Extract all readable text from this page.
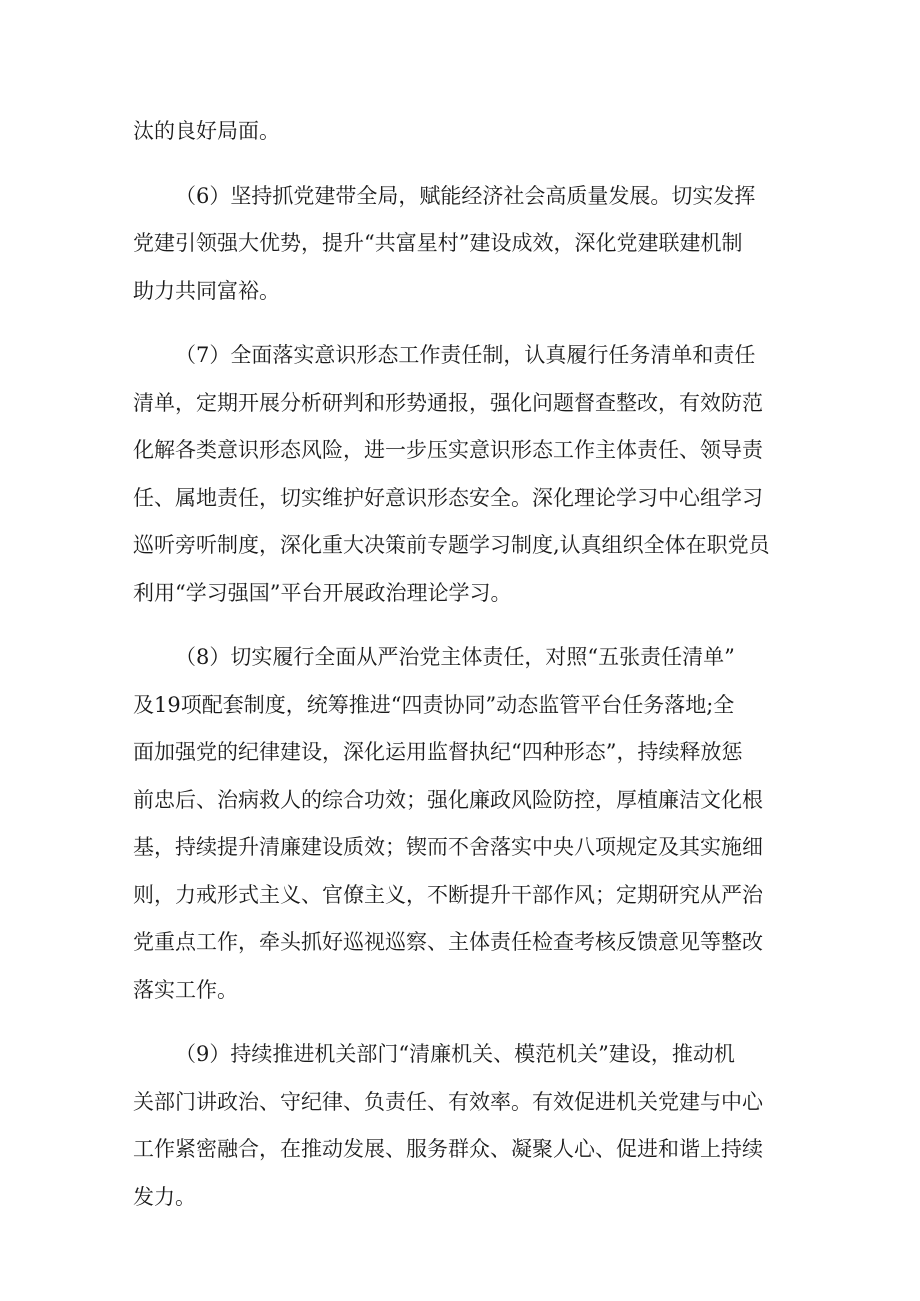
汰的良好局面。

（6）坚持抓党建带全局，赋能经济社会高质量发展。切实发挥
党建引领强大优势，提升“共富星村”建设成效，深化党建联建机制
助力共同富裕。

（7）全面落实意识形态工作责任制，认真履行任务清单和责任
清单，定期开展分析研判和形势通报，强化问题督查整改，有效防范
化解各类意识形态风险，进一步压实意识形态工作主体责任、领导责
任、属地责任，切实维护好意识形态安全。深化理论学习中心组学习
巡听旁听制度，深化重大决策前专题学习制度,认真组织全体在职党员
利用“学习强国”平台开展政治理论学习。

（8）切实履行全面从严治党主体责任，对照“五张责任清单”
及19项配套制度，统筹推进“四责协同”动态监管平台任务落地;全
面加强党的纪律建设，深化运用监督执纪“四种形态”，持续释放惩
前忠后、治病救人的综合功效；强化廉政风险防控，厚植廉洁文化根
基，持续提升清廉建设质效；锲而不舍落实中央八项规定及其实施细
则，力戒形式主义、官僚主义，不断提升干部作风；定期研究从严治
党重点工作，牵头抓好巡视巡察、主体责任检查考核反馈意见等整改
落实工作。

（9）持续推进机关部门“清廉机关、模范机关”建设，推动机
关部门讲政治、守纪律、负责任、有效率。有效促进机关党建与中心
工作紧密融合，在推动发展、服务群众、凝聚人心、促进和谐上持续
发力。
